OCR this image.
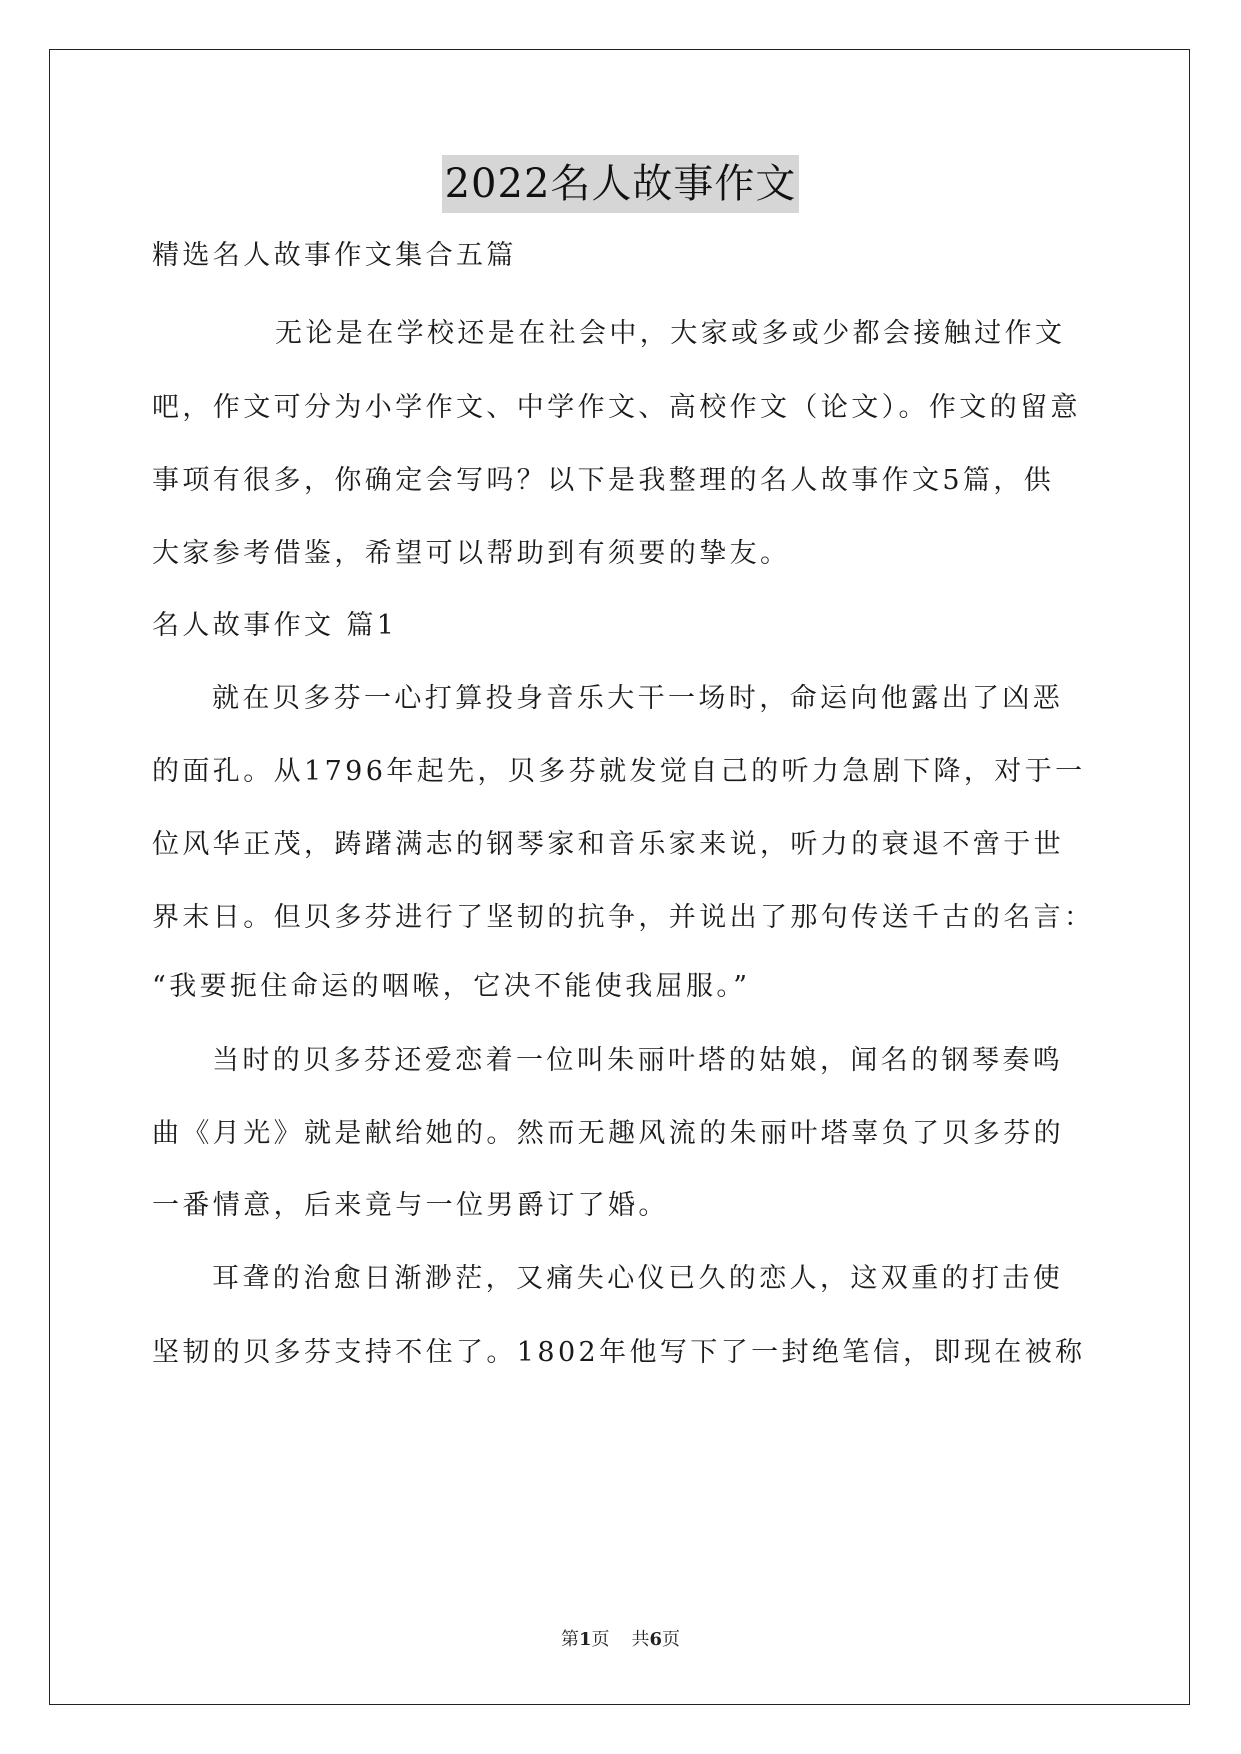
2022名人故事作文
精选名人故事作文集合五篇
无论是在学校还是在社会中，大家或多或少都会接触过作文
吧，作文可分为小学作文、中学作文、高校作文（论文）。作文的留意
事项有很多，你确定会写吗？以下是我整理的名人故事作文5篇，供
大家参考借鉴，希望可以帮助到有须要的挚友。
名人故事作文 篇1
就在贝多芬一心打算投身音乐大干一场时，命运向他露出了凶恶
的面孔。从1796年起先，贝多芬就发觉自己的听力急剧下降，对于一
位风华正茂，踌躇满志的钢琴家和音乐家来说，听力的衰退不啻于世
界末日。但贝多芬进行了坚韧的抗争，并说出了那句传送千古的名言：
“我要扼住命运的咽喉，它决不能使我屈服。”
当时的贝多芬还爱恋着一位叫朱丽叶塔的姑娘，闻名的钢琴奏鸣
曲《月光》就是献给她的。然而无趣风流的朱丽叶塔辜负了贝多芬的
一番情意，后来竟与一位男爵订了婚。
耳聋的治愈日渐渺茫，又痛失心仪已久的恋人，这双重的打击使
坚韧的贝多芬支持不住了。1802年他写下了一封绝笔信，即现在被称
第1页 共6页
